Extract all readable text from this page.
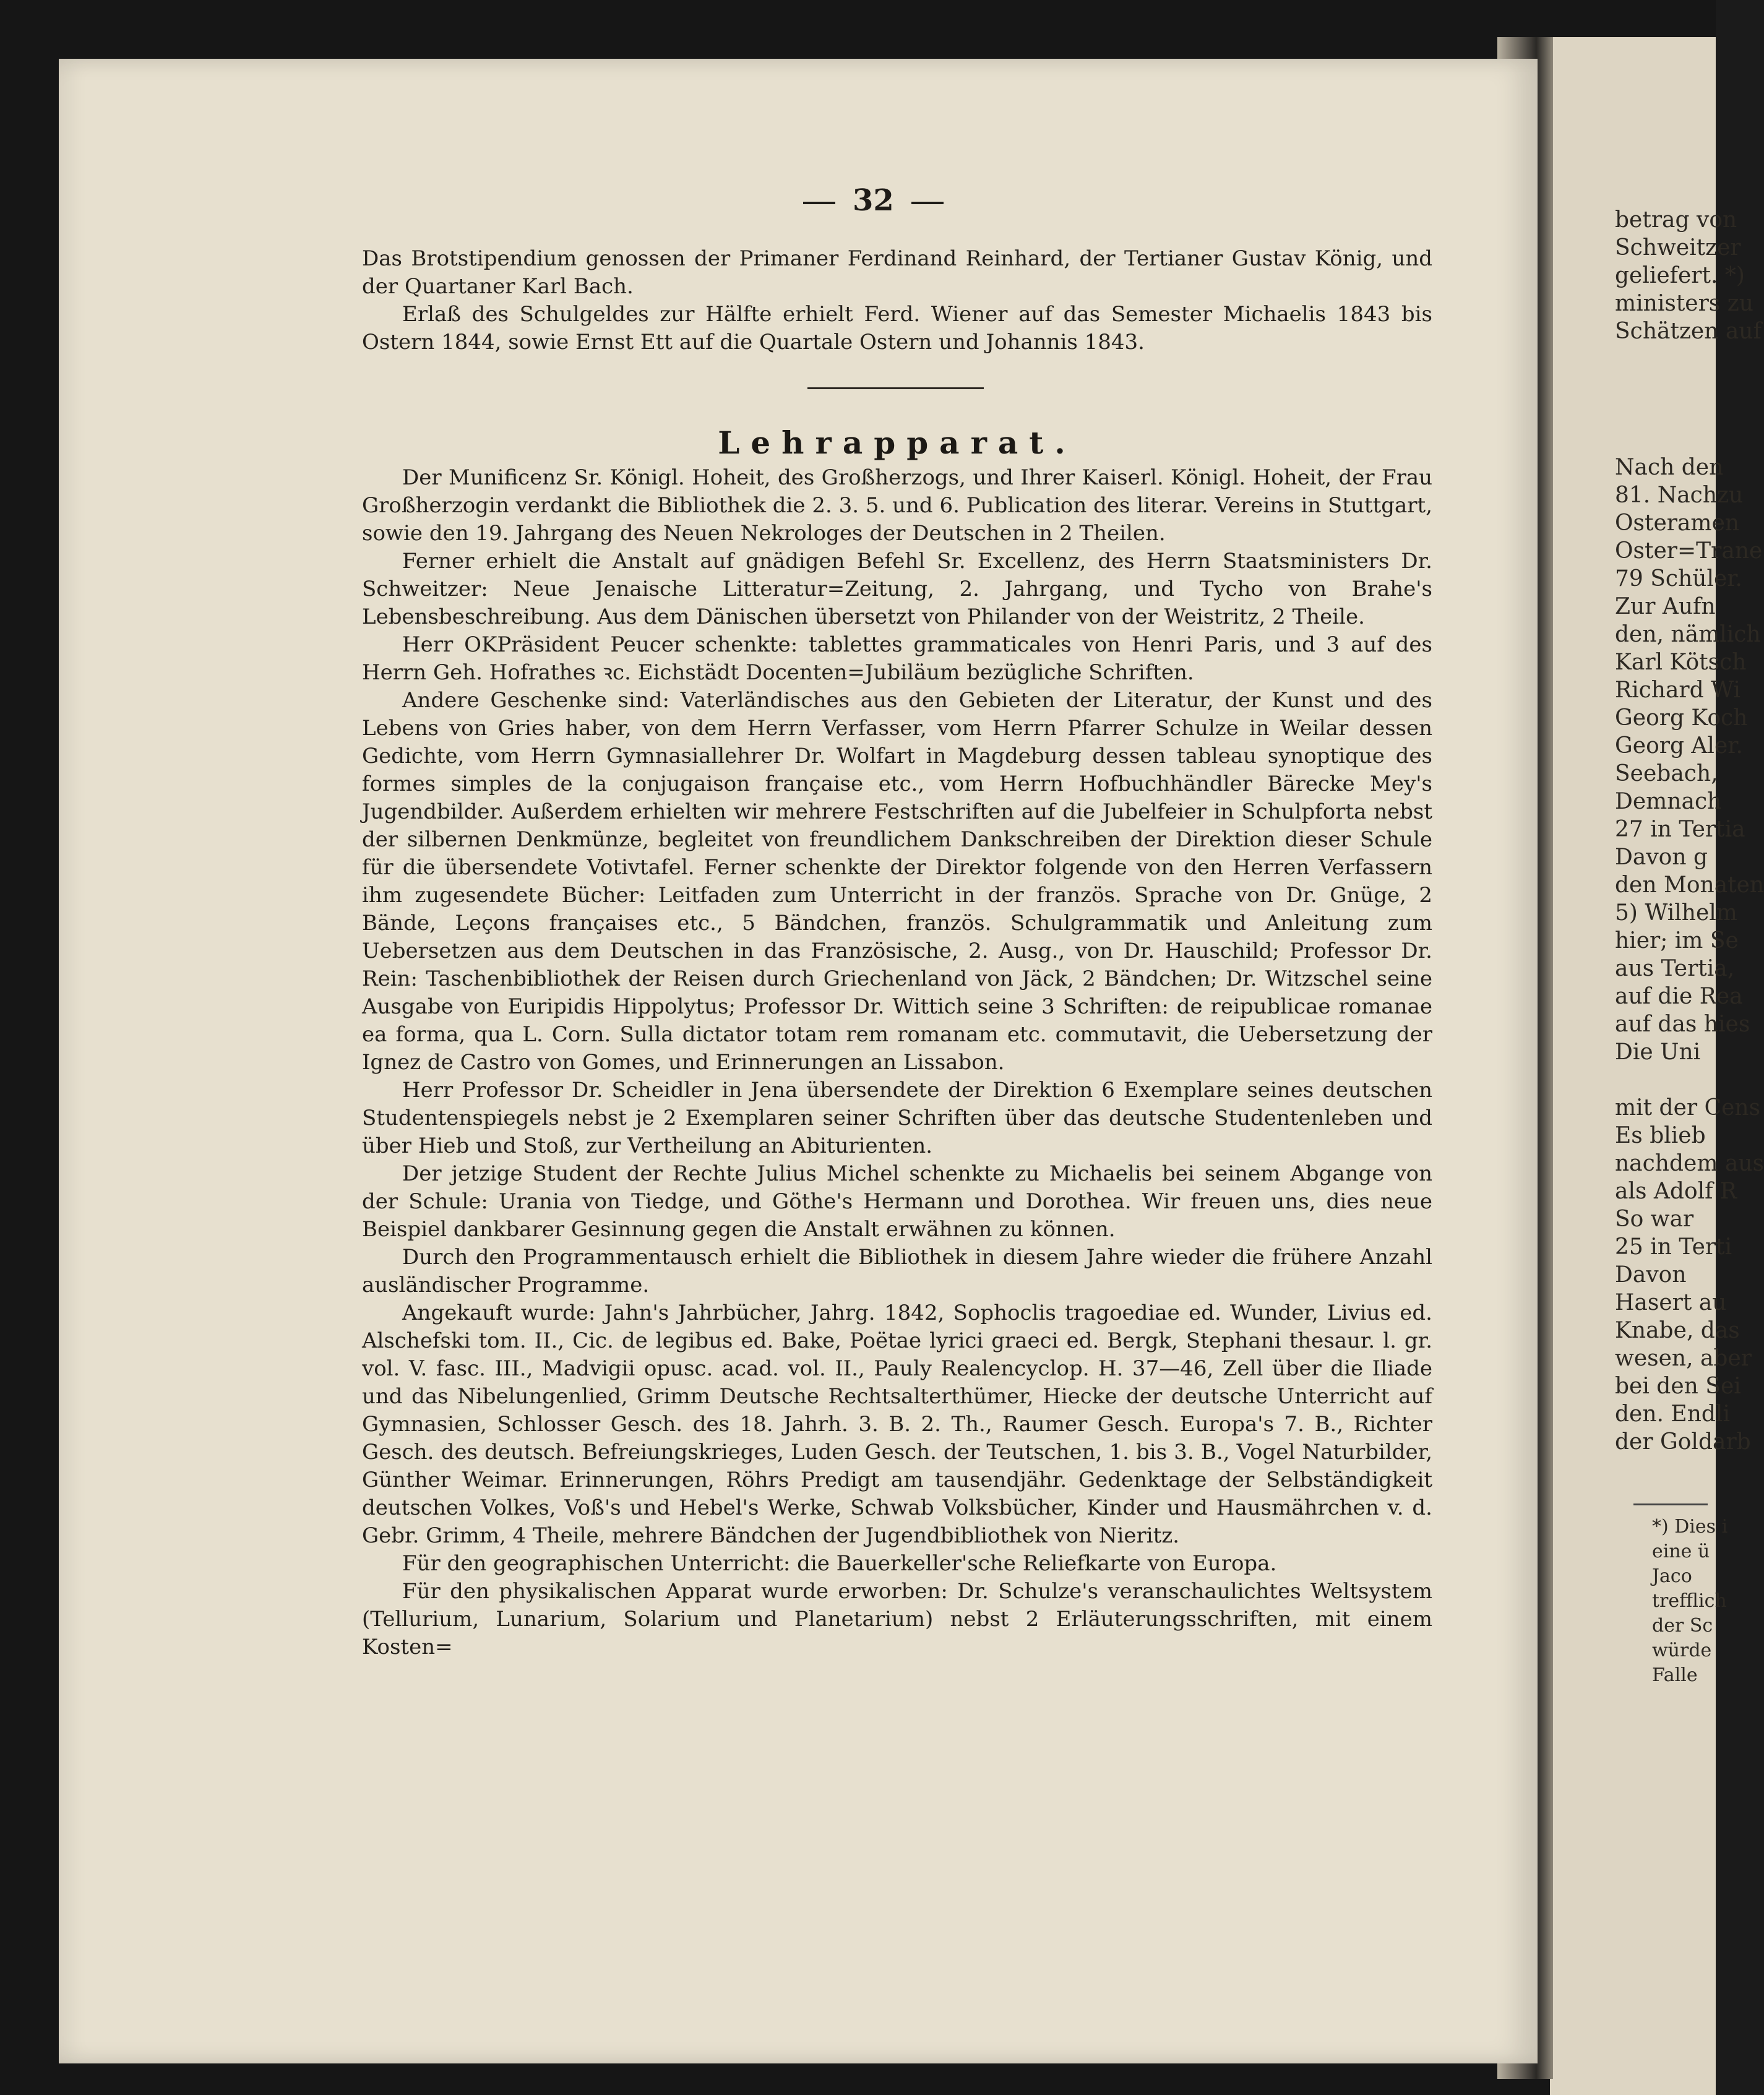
32

Das Brotstipendium genossen der Primaner Ferdinand Reinhard, der Tertianer Gustav König, und der Quartaner Karl Bach.

Erlaß des Schulgeldes zur Hälfte erhielt Ferd. Wiener auf das Semester Michaelis 1843 bis Ostern 1844, sowie Ernst Ett auf die Quartale Ostern und Johannis 1843.

Lehrapparat.

Der Munificenz Sr. Königl. Hoheit, des Großherzogs, und Ihrer Kaiserl. Königl. Hoheit, der Frau Großherzogin verdankt die Bibliothek die 2. 3. 5. und 6. Publication des literar. Vereins in Stuttgart, sowie den 19. Jahrgang des Neuen Nekrologes der Deutschen in 2 Theilen.

Ferner erhielt die Anstalt auf gnädigen Befehl Sr. Excellenz, des Herrn Staatsministers Dr. Schweitzer: Neue Jenaische Litteratur=Zeitung, 2. Jahrgang, und Tycho von Brahe's Lebensbeschreibung. Aus dem Dänischen übersetzt von Philander von der Weistritz, 2 Theile.

Herr OKPräsident Peucer schenkte: tablettes grammaticales von Henri Paris, und 3 auf des Herrn Geh. Hofrathes ꝛc. Eichstädt Docenten=Jubiläum bezügliche Schriften.

Andere Geschenke sind: Vaterländisches aus den Gebieten der Literatur, der Kunst und des Lebens von Gries haber, von dem Herrn Verfasser, vom Herrn Pfarrer Schulze in Weilar dessen Gedichte, vom Herrn Gymnasiallehrer Dr. Wolfart in Magdeburg dessen tableau synoptique des formes simples de la conjugaison française etc., vom Herrn Hofbuchhändler Bärecke Mey's Jugendbilder. Außerdem erhielten wir mehrere Festschriften auf die Jubelfeier in Schulpforta nebst der silbernen Denkmünze, begleitet von freundlichem Dankschreiben der Direktion dieser Schule für die übersendete Votivtafel. Ferner schenkte der Direktor folgende von den Herren Verfassern ihm zugesendete Bücher: Leitfaden zum Unterricht in der französ. Sprache von Dr. Gnüge, 2 Bände, Leçons françaises etc., 5 Bändchen, französ. Schulgrammatik und Anleitung zum Uebersetzen aus dem Deutschen in das Französische, 2. Ausg., von Dr. Hauschild; Professor Dr. Rein: Taschenbibliothek der Reisen durch Griechenland von Jäck, 2 Bändchen; Dr. Witzschel seine Ausgabe von Euripidis Hippolytus; Professor Dr. Wittich seine 3 Schriften: de reipublicae romanae ea forma, qua L. Corn. Sulla dictator totam rem romanam etc. commutavit, die Uebersetzung der Ignez de Castro von Gomes, und Erinnerungen an Lissabon.

Herr Professor Dr. Scheidler in Jena übersendete der Direktion 6 Exemplare seines deutschen Studentenspiegels nebst je 2 Exemplaren seiner Schriften über das deutsche Studentenleben und über Hieb und Stoß, zur Vertheilung an Abiturienten.

Der jetzige Student der Rechte Julius Michel schenkte zu Michaelis bei seinem Abgange von der Schule: Urania von Tiedge, und Göthe's Hermann und Dorothea. Wir freuen uns, dies neue Beispiel dankbarer Gesinnung gegen die Anstalt erwähnen zu können.

Durch den Programmentausch erhielt die Bibliothek in diesem Jahre wieder die frühere Anzahl ausländischer Programme.

Angekauft wurde: Jahn's Jahrbücher, Jahrg. 1842, Sophoclis tragoediae ed. Wunder, Livius ed. Alschefski tom. II., Cic. de legibus ed. Bake, Poëtae lyrici graeci ed. Bergk, Stephani thesaur. l. gr. vol. V. fasc. III., Madvigii opusc. acad. vol. II., Pauly Realencyclop. H. 37—46, Zell über die Iliade und das Nibelungenlied, Grimm Deutsche Rechtsalterthümer, Hiecke der deutsche Unterricht auf Gymnasien, Schlosser Gesch. des 18. Jahrh. 3. B. 2. Th., Raumer Gesch. Europa's 7. B., Richter Gesch. des deutsch. Befreiungskrieges, Luden Gesch. der Teutschen, 1. bis 3. B., Vogel Naturbilder, Günther Weimar. Erinnerungen, Röhrs Predigt am tausendjähr. Gedenktage der Selbständigkeit deutschen Volkes, Voß's und Hebel's Werke, Schwab Volksbücher, Kinder und Hausmährchen v. d. Gebr. Grimm, 4 Theile, mehrere Bändchen der Jugendbibliothek von Nieritz.

Für den geographischen Unterricht: die Bauerkeller'sche Reliefkarte von Europa.

Für den physikalischen Apparat wurde erworben: Dr. Schulze's veranschaulichtes Weltsystem (Tellurium, Lunarium, Solarium und Planetarium) nebst 2 Erläuterungsschriften, mit einem Kosten=

betrag von
Schweitzer
geliefert. *)
ministers zu
Schätzen auf
Nach den
81. Nachzu
Osteramen
Oster=Trane
79 Schüler.
Zur Aufn
den, nämlich
Karl Kötsch
Richard Wi
Georg Koch
Georg Aler.
Seebach,
Demnach
27 in Tertia
Davon g
den Monaten
5) Wilhelm
hier; im Se
aus Tertia,
auf die Rea
auf das hies
Die Uni
mit der Cens
Es blieb
nachdem aus
als Adolf R
So war
25 in Terti
Davon
Hasert au
Knabe, das
wesen, aber
bei den Sei
den. Endli
der Goldarb
*) Dies i
eine ü
Jaco
trefflich
der Sc
würde
Falle
